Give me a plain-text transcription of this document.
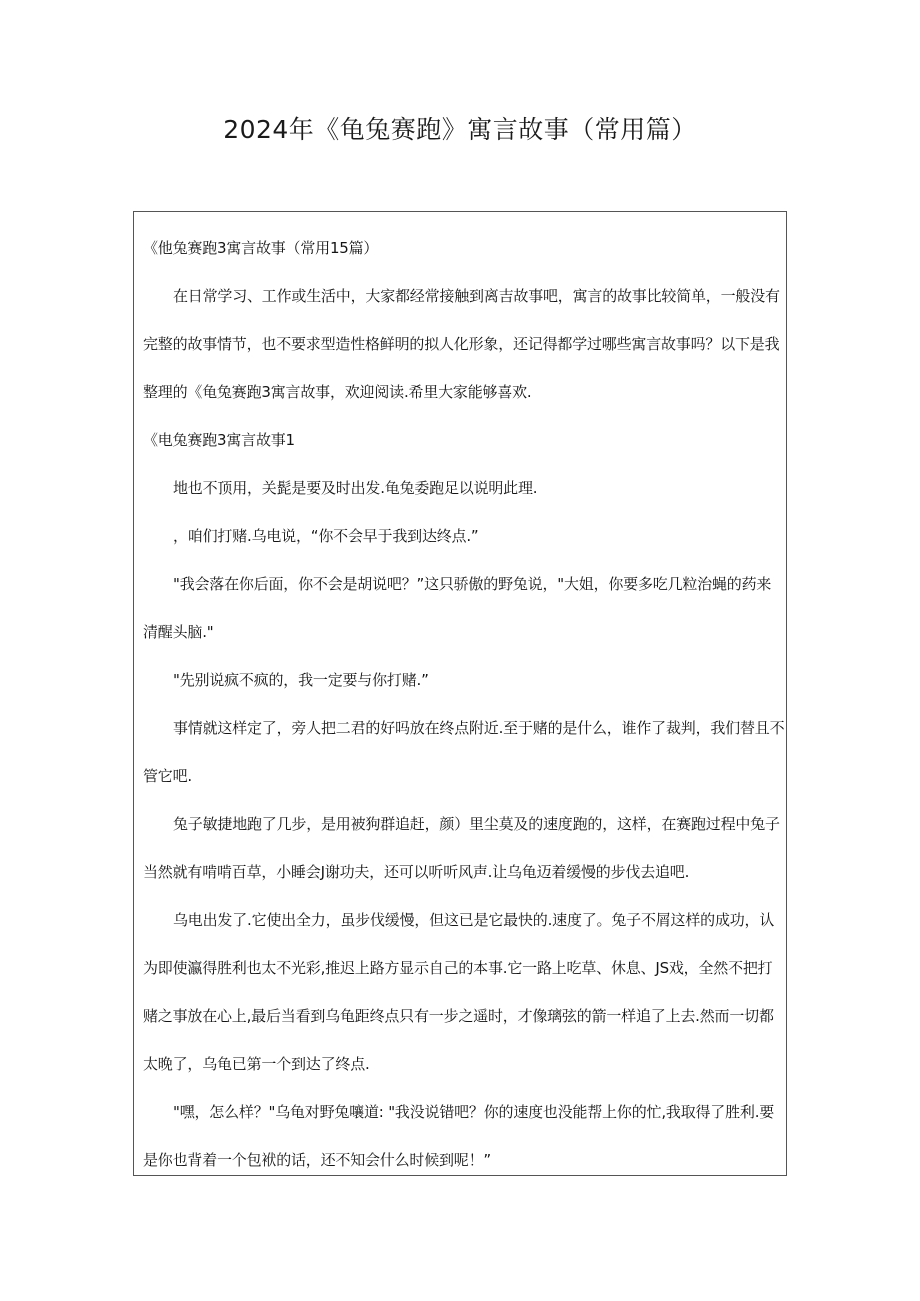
2024年《龟兔赛跑》寓言故事（常用篇）

《他兔赛跑3寓言故事（常用15篇）

在日常学习、工作或生活中，大家都经常接触到离吉故事吧，寓言的故事比较简单，一般没有完整的故事情节，也不要求型造性格鲜明的拟人化形象，还记得都学过哪些寓言故事吗？以下是我整理的《龟兔赛跑3寓言故事，欢迎阅读.希里大家能够喜欢.

《电兔赛跑3寓言故事1

地也不顶用，关髭是要及时出发.龟兔委跑足以说明此理.

，咱们打赌.乌电说，“你不会早于我到达终点.”

"我会落在你后面，你不会是胡说吧？”这只骄傲的野兔说，"大姐，你要多吃几粒治蝇的药来清醒头脑."

"先别说疯不疯的，我一定要与你打赌.”

事情就这样定了，旁人把二君的好吗放在终点附近.至于赌的是什么，谁作了裁判，我们替且不管它吧.

兔子敏捷地跑了几步，是用被狗群追赶，颜）里尘莫及的速度跑的，这样，在赛跑过程中兔子当然就有啃啃百草，小睡会J谢功夫，还可以听听风声.让乌龟迈着缓慢的步伐去追吧.

乌电出发了.它使出全力，虽步伐缓慢，但这已是它最快的.速度了。兔子不屑这样的成功，认为即使瀛得胜利也太不光彩,推迟上路方显示自己的本事.它一路上吃草、休息、JS戏，全然不把打赌之事放在心上,最后当看到乌龟距终点只有一步之遥时，才像璃弦的箭一样追了上去.然而一切都太晚了，乌龟已第一个到达了终点.

"嘿，怎么样？"乌龟对野兔嚷道: "我没说错吧？你的速度也没能帮上你的忙,我取得了胜利.要是你也背着一个包袱的话，还不知会什么时候到呢！”
